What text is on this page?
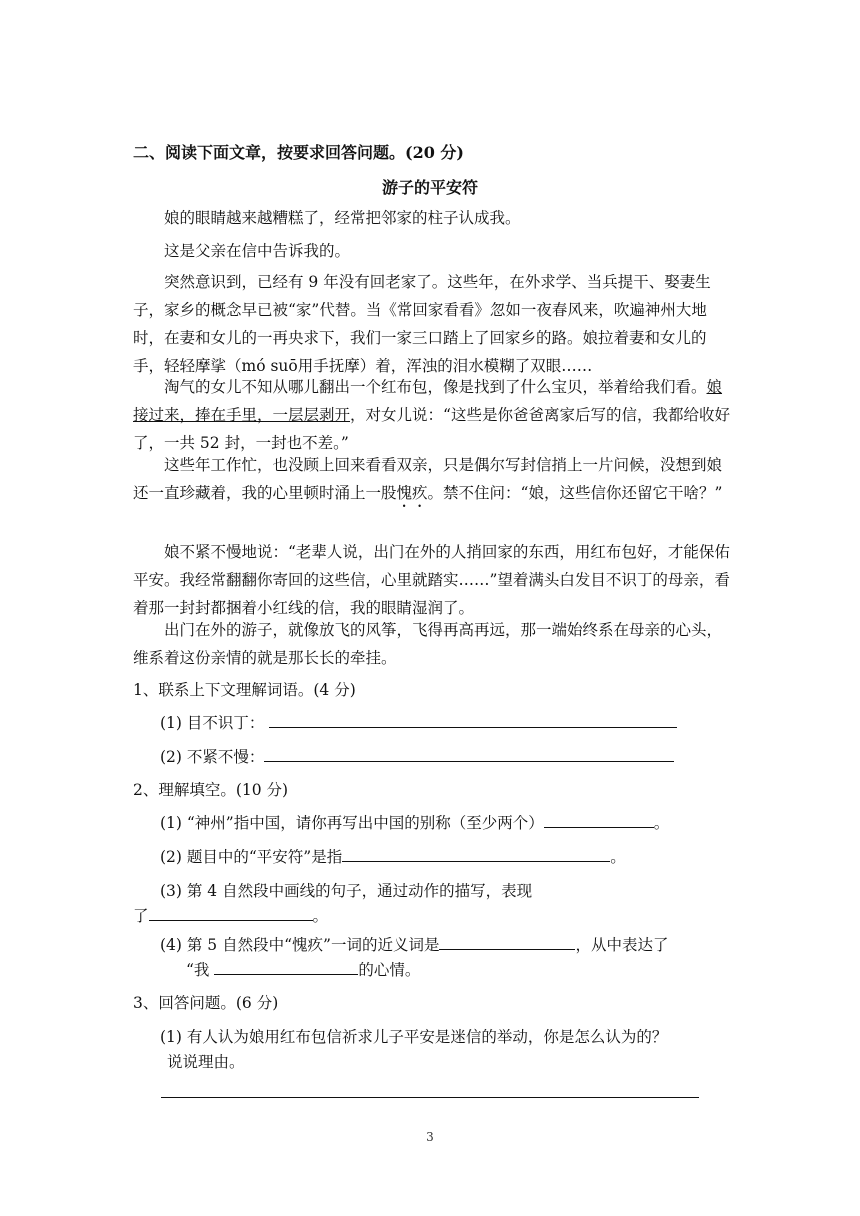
二、阅读下面文章，按要求回答问题。(20 分)
游子的平安符
娘的眼睛越来越糟糕了，经常把邻家的柱子认成我。
这是父亲在信中告诉我的。
突然意识到，已经有 9 年没有回老家了。这些年，在外求学、当兵提干、娶妻生子，家乡的概念早已被“家”代替。当《常回家看看》忽如一夜春风来，吹遍神州大地时，在妻和女儿的一再央求下，我们一家三口踏上了回家乡的路。娘拉着妻和女儿的手，轻轻摩挲（mó suō用手抚摩）着，浑浊的泪水模糊了双眼……
淘气的女儿不知从哪儿翻出一个红布包，像是找到了什么宝贝，举着给我们看。娘接过来，捧在手里，一层层剥开，对女儿说：“这些是你爸爸离家后写的信，我都给收好了，一共 52 封，一封也不差。”
这些年工作忙，也没顾上回来看看双亲，只是偶尔写封信捎上一片问候，没想到娘还一直珍藏着，我的心里顿时涌上一股愧疚。禁不住问：“娘，这些信你还留它干啥？”
娘不紧不慢地说：“老辈人说，出门在外的人捎回家的东西，用红布包好，才能保佑平安。我经常翻翻你寄回的这些信，心里就踏实……”望着满头白发目不识丁的母亲，看着那一封封都捆着小红线的信，我的眼睛湿润了。
出门在外的游子，就像放飞的风筝，飞得再高再远，那一端始终系在母亲的心头，维系着这份亲情的就是那长长的牵挂。
1、联系上下文理解词语。(4 分)
(1) 目不识丁：
(2) 不紧不慢：
2、理解填空。(10 分)
(1) “神州”指中国，请你再写出中国的别称（至少两个）	。
(2) 题目中的“平安符”是指	。
(3) 第 4 自然段中画线的句子，通过动作的描写，表现
了	。
(4) 第 5 自然段中“愧疚”一词的近义词是	，从中表达了
“我	的心情。
3、回答问题。(6 分)
(1) 有人认为娘用红布包信祈求儿子平安是迷信的举动，你是怎么认为的？
说说理由。
3
